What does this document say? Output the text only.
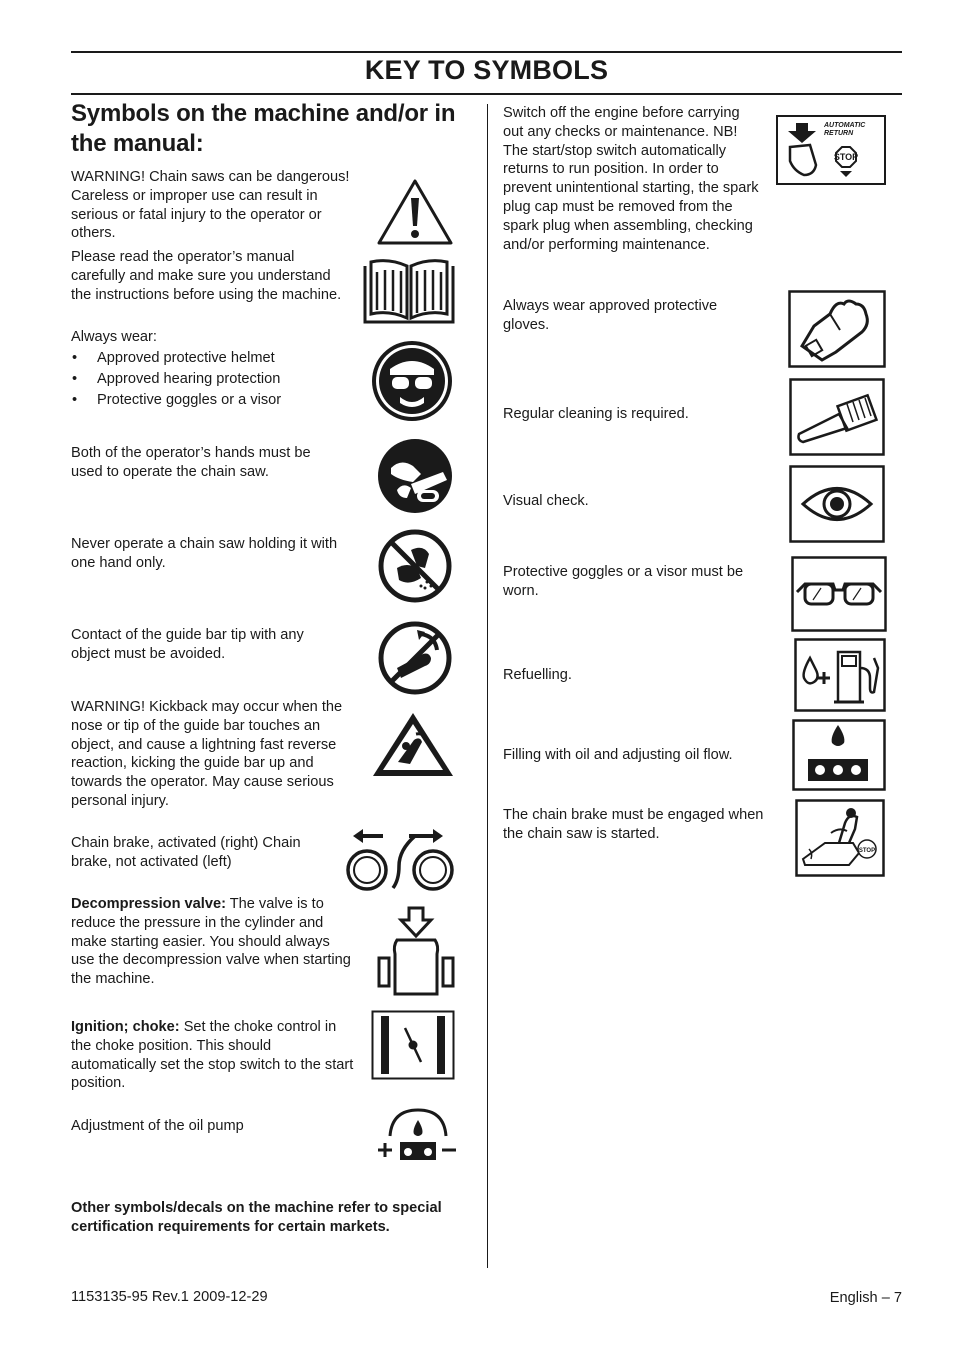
KEY TO SYMBOLS
Symbols on the machine and/or in the manual:

WARNING! Chain saws can be dangerous! Careless or improper use can result in serious or fatal injury to the operator or others.

Please read the operator’s manual carefully and make sure you understand the instructions before using the machine.

Always wear:

• Approved protective helmet
• Approved hearing protection
• Protective goggles or a visor

Both of the operator’s hands must be used to operate the chain saw.

Never operate a chain saw holding it with one hand only.

Contact of the guide bar tip with any object must be avoided.

WARNING! Kickback may occur when the nose or tip of the guide bar touches an object, and cause a lightning fast reverse reaction, kicking the guide bar up and towards the operator. May cause serious personal injury.

Chain brake, activated (right) Chain brake, not activated (left)

Decompression valve: The valve is to reduce the pressure in the cylinder and make starting easier. You should always use the decompression valve when starting the machine.

Ignition; choke: Set the choke control in the choke position. This should automatically set the stop switch to the start position.

Adjustment of the oil pump

Other symbols/decals on the machine refer to special certification requirements for certain markets.

Switch off the engine before carrying out any checks or maintenance. NB! The start/stop switch automatically returns to run position. In order to prevent unintentional starting, the spark plug cap must be removed from the spark plug when assembling, checking and/or performing maintenance.

Always wear approved protective gloves.

Regular cleaning is required.

Visual check.

Protective goggles or a visor must be worn.

Refuelling.

Filling with oil and adjusting oil flow.

The chain brake must be engaged when the chain saw is started.

STOP
AUTOMATIC
RETURN
STOP
1153135-95 Rev.1 2009-12-29	English – 7
